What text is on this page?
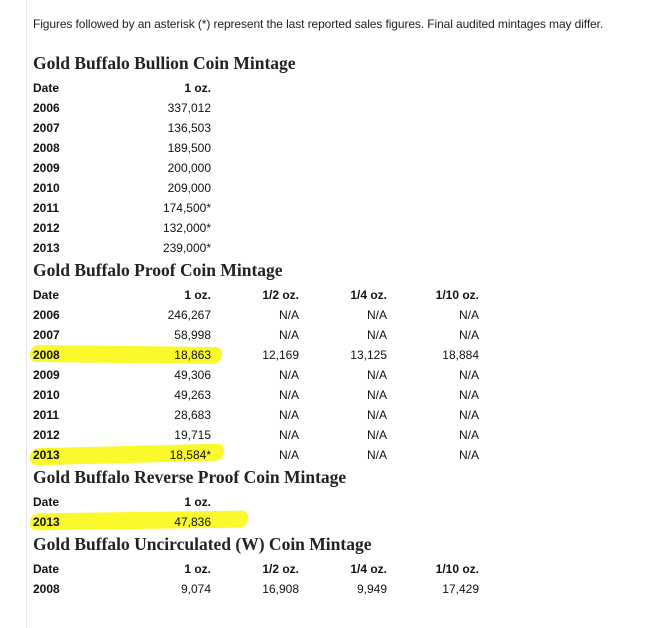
Figures followed by an asterisk (*) represent the last reported sales figures. Final audited mintages may differ.
Gold Buffalo Bullion Coin Mintage
Date	1 oz.
2006	337,012
2007	136,503
2008	189,500
2009	200,000
2010	209,000
2011	174,500*
2012	132,000*
2013	239,000*
Gold Buffalo Proof Coin Mintage
Date	1 oz.	1/2 oz.	1/4 oz.	1/10 oz.
2006	246,267	N/A	N/A	N/A
2007	58,998	N/A	N/A	N/A
2008	18,863	12,169	13,125	18,884
2009	49,306	N/A	N/A	N/A
2010	49,263	N/A	N/A	N/A
2011	28,683	N/A	N/A	N/A
2012	19,715	N/A	N/A	N/A
2013	18,584*	N/A	N/A	N/A
Gold Buffalo Reverse Proof Coin Mintage
Date	1 oz.
2013	47,836
Gold Buffalo Uncirculated (W) Coin Mintage
Date	1 oz.	1/2 oz.	1/4 oz.	1/10 oz.
2008	9,074	16,908	9,949	17,429
